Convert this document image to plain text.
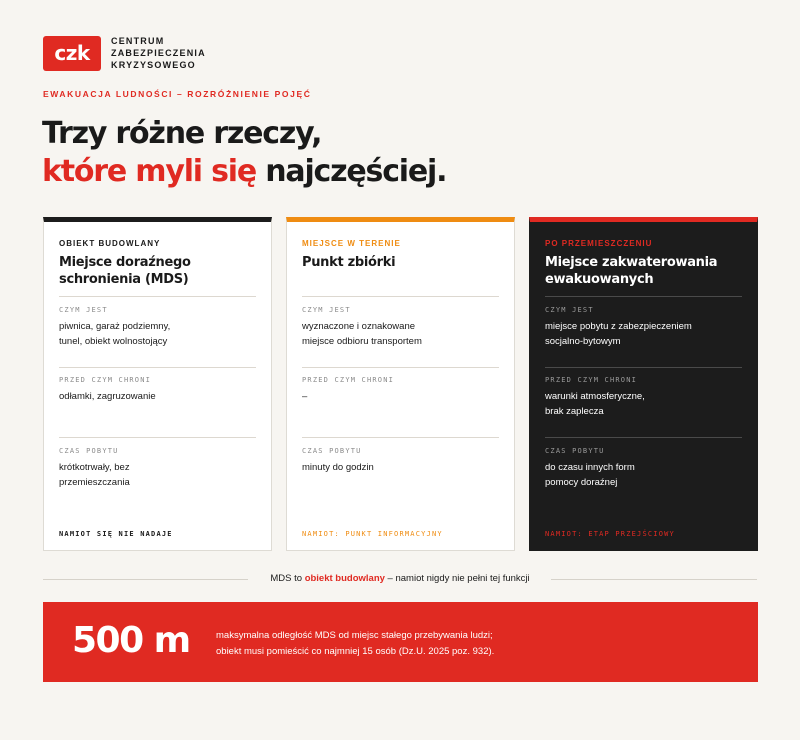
czk	CENTRUM
ZABEZPIECZENIA
KRYZYSOWEGO
EWAKUACJA LUDNOŚCI – ROZRÓŻNIENIE POJĘĆ
Trzy różne rzeczy,
które myli się najczęściej.
OBIEKT BUDOWLANY
Miejsce doraźnego
schronienia (MDS)
CZYM JEST
piwnica, garaż podziemny,
tunel, obiekt wolnostojący
PRZED CZYM CHRONI
odłamki, zagruzowanie
CZAS POBYTU
krótkotrwały, bez
przemieszczania
NAMIOT SIĘ NIE NADAJE
MIEJSCE W TERENIE
Punkt zbiórki
CZYM JEST
wyznaczone i oznakowane
miejsce odbioru transportem
PRZED CZYM CHRONI
–
CZAS POBYTU
minuty do godzin
NAMIOT: PUNKT INFORMACYJNY
PO PRZEMIESZCZENIU
Miejsce zakwaterowania
ewakuowanych
CZYM JEST
miejsce pobytu z zabezpieczeniem
socjalno-bytowym
PRZED CZYM CHRONI
warunki atmosferyczne,
brak zaplecza
CZAS POBYTU
do czasu innych form
pomocy doraźnej
NAMIOT: ETAP PRZEJŚCIOWY
MDS to obiekt budowlany – namiot nigdy nie pełni tej funkcji
500 m	maksymalna odległość MDS od miejsc stałego przebywania ludzi;
obiekt musi pomieścić co najmniej 15 osób (Dz.U. 2025 poz. 932).
